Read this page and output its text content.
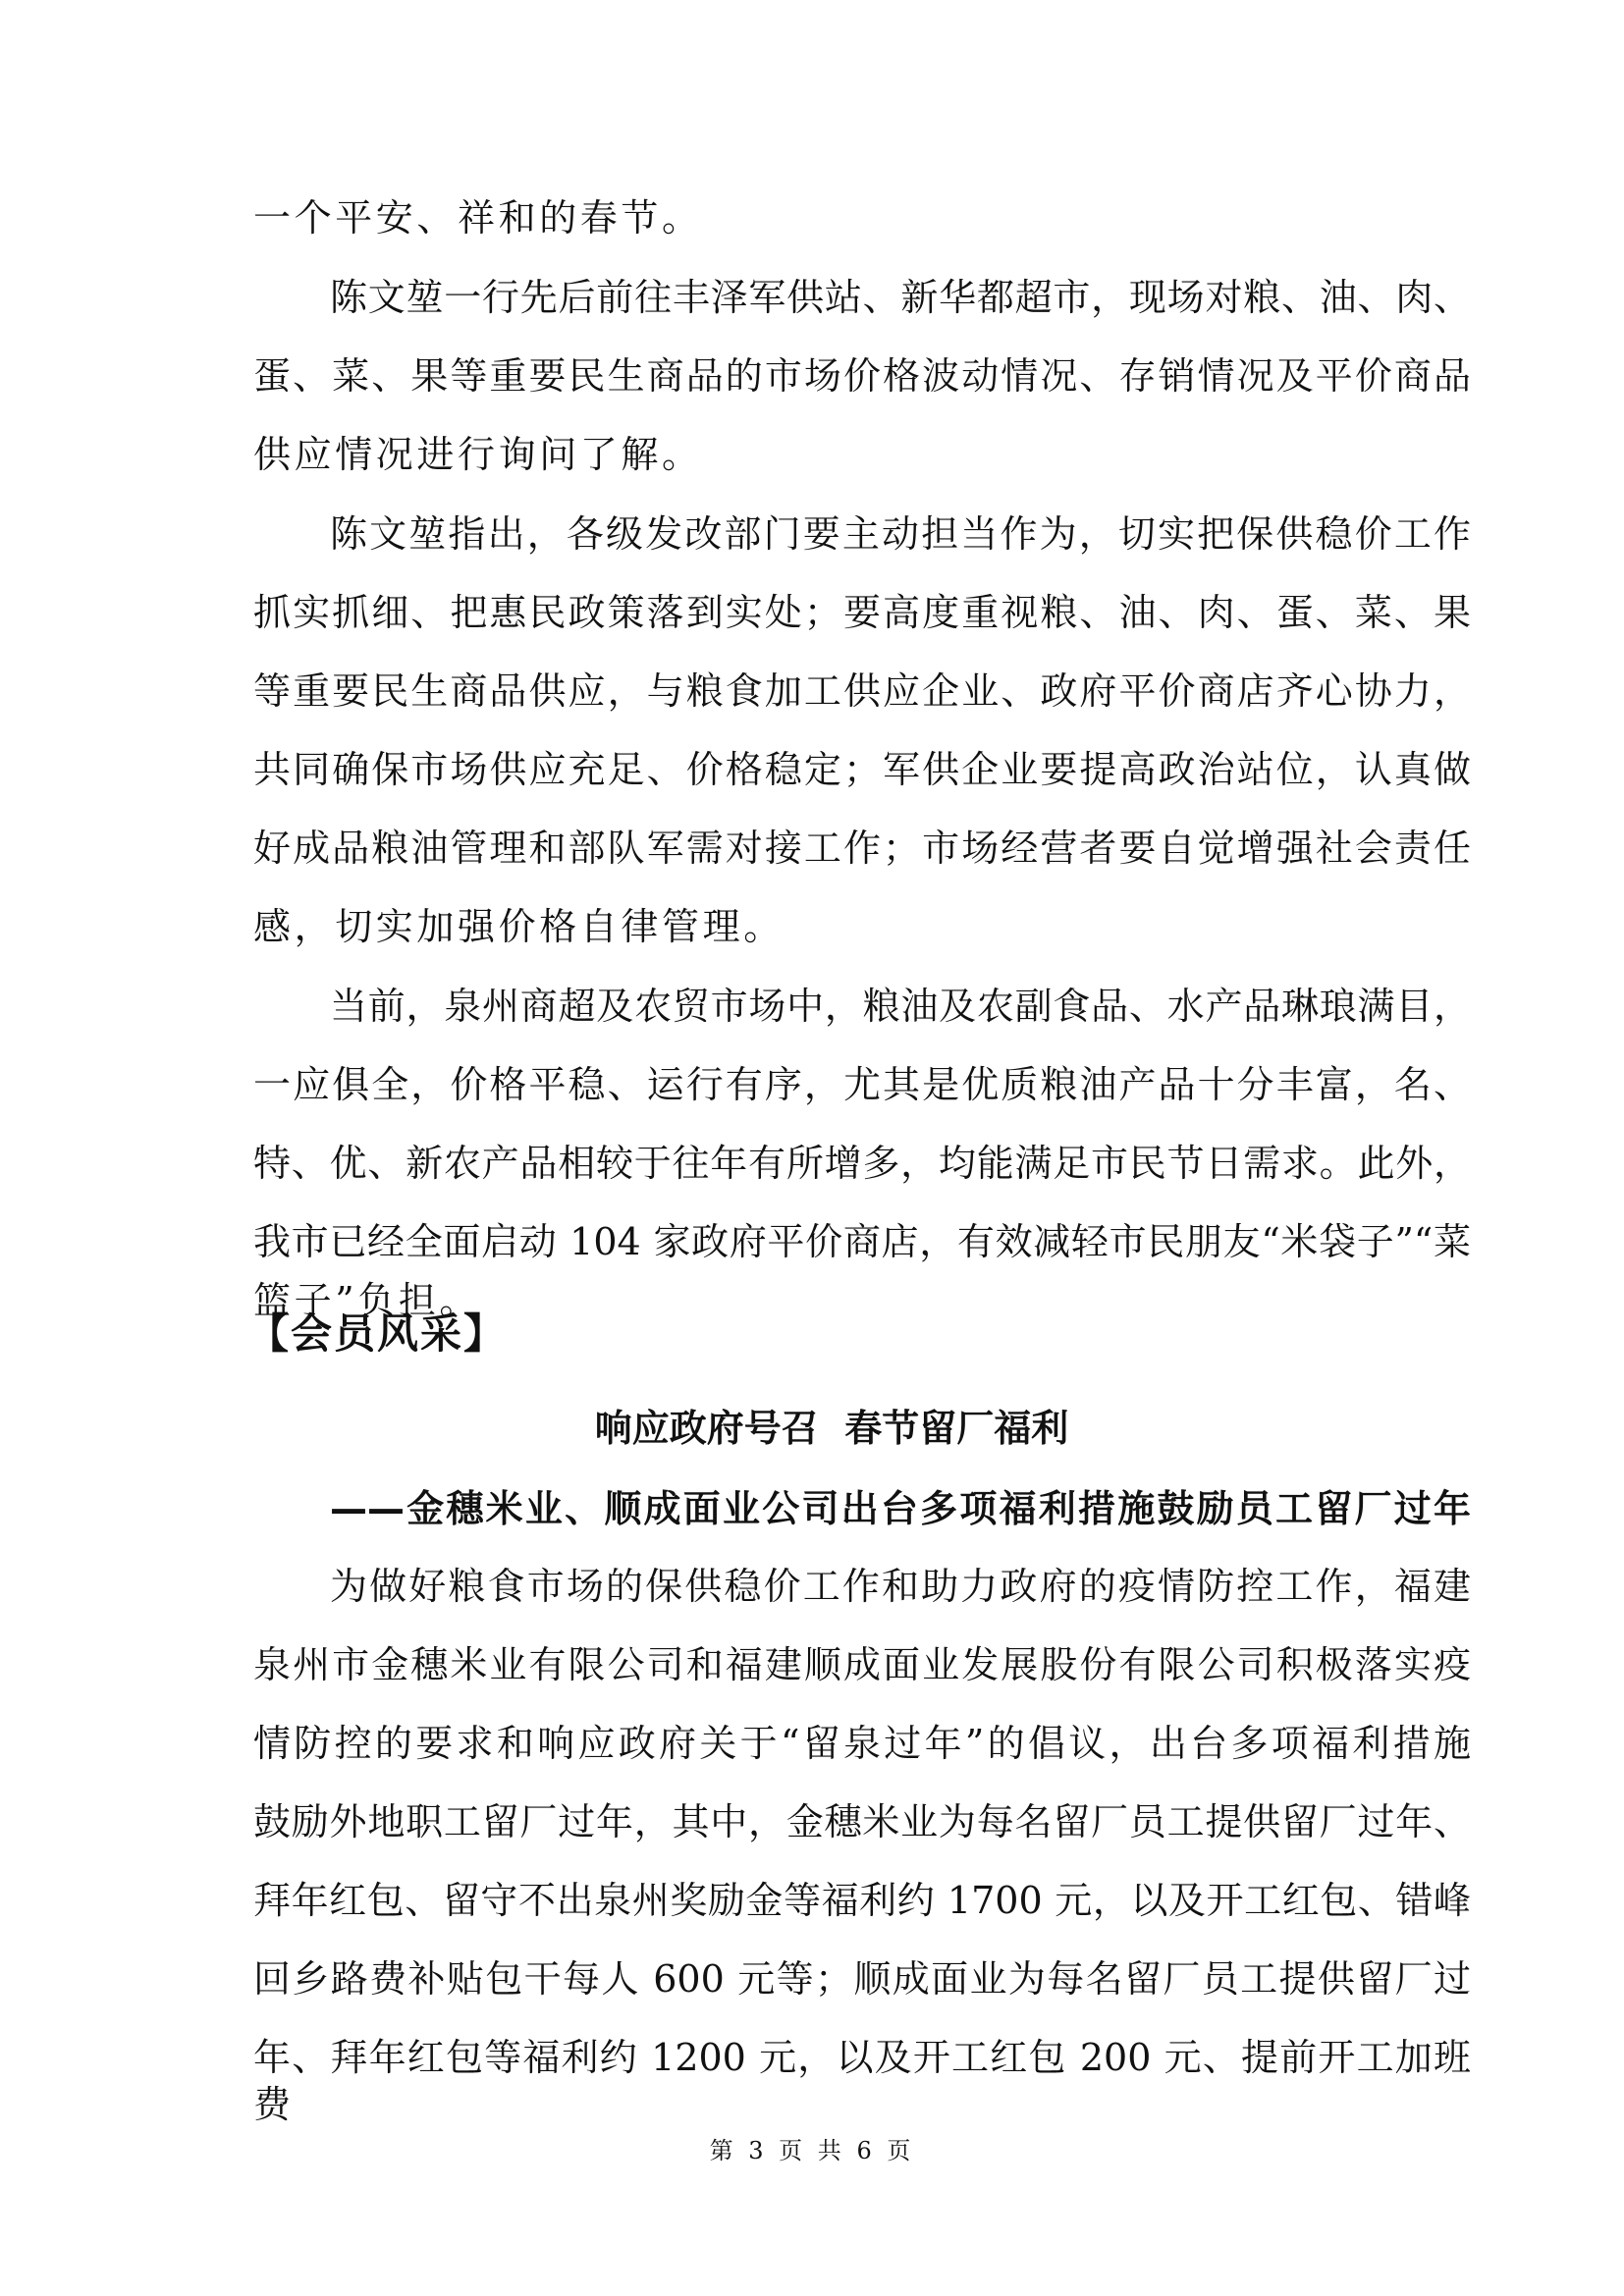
一个平安、祥和的春节。
陈文堃一行先后前往丰泽军供站、新华都超市，现场对粮、油、肉、
蛋、菜、果等重要民生商品的市场价格波动情况、存销情况及平价商品
供应情况进行询问了解。
陈文堃指出，各级发改部门要主动担当作为，切实把保供稳价工作
抓实抓细、把惠民政策落到实处；要高度重视粮、油、肉、蛋、菜、果
等重要民生商品供应，与粮食加工供应企业、政府平价商店齐心协力，
共同确保市场供应充足、价格稳定；军供企业要提高政治站位，认真做
好成品粮油管理和部队军需对接工作；市场经营者要自觉增强社会责任
感，切实加强价格自律管理。
当前，泉州商超及农贸市场中，粮油及农副食品、水产品琳琅满目，
一应俱全，价格平稳、运行有序，尤其是优质粮油产品十分丰富，名、
特、优、新农产品相较于往年有所增多，均能满足市民节日需求。此外，
我市已经全面启动 104 家政府平价商店，有效减轻市民朋友“米袋子”“菜
篮子”负担。
【会员风采】
响应政府号召  春节留厂福利
——金穗米业、顺成面业公司出台多项福利措施鼓励员工留厂过年
为做好粮食市场的保供稳价工作和助力政府的疫情防控工作，福建
泉州市金穗米业有限公司和福建顺成面业发展股份有限公司积极落实疫
情防控的要求和响应政府关于“留泉过年”的倡议，出台多项福利措施
鼓励外地职工留厂过年，其中，金穗米业为每名留厂员工提供留厂过年、
拜年红包、留守不出泉州奖励金等福利约 1700 元，以及开工红包、错峰
回乡路费补贴包干每人 600 元等；顺成面业为每名留厂员工提供留厂过
年、拜年红包等福利约 1200 元，以及开工红包 200 元、提前开工加班费
第 3 页 共 6 页
